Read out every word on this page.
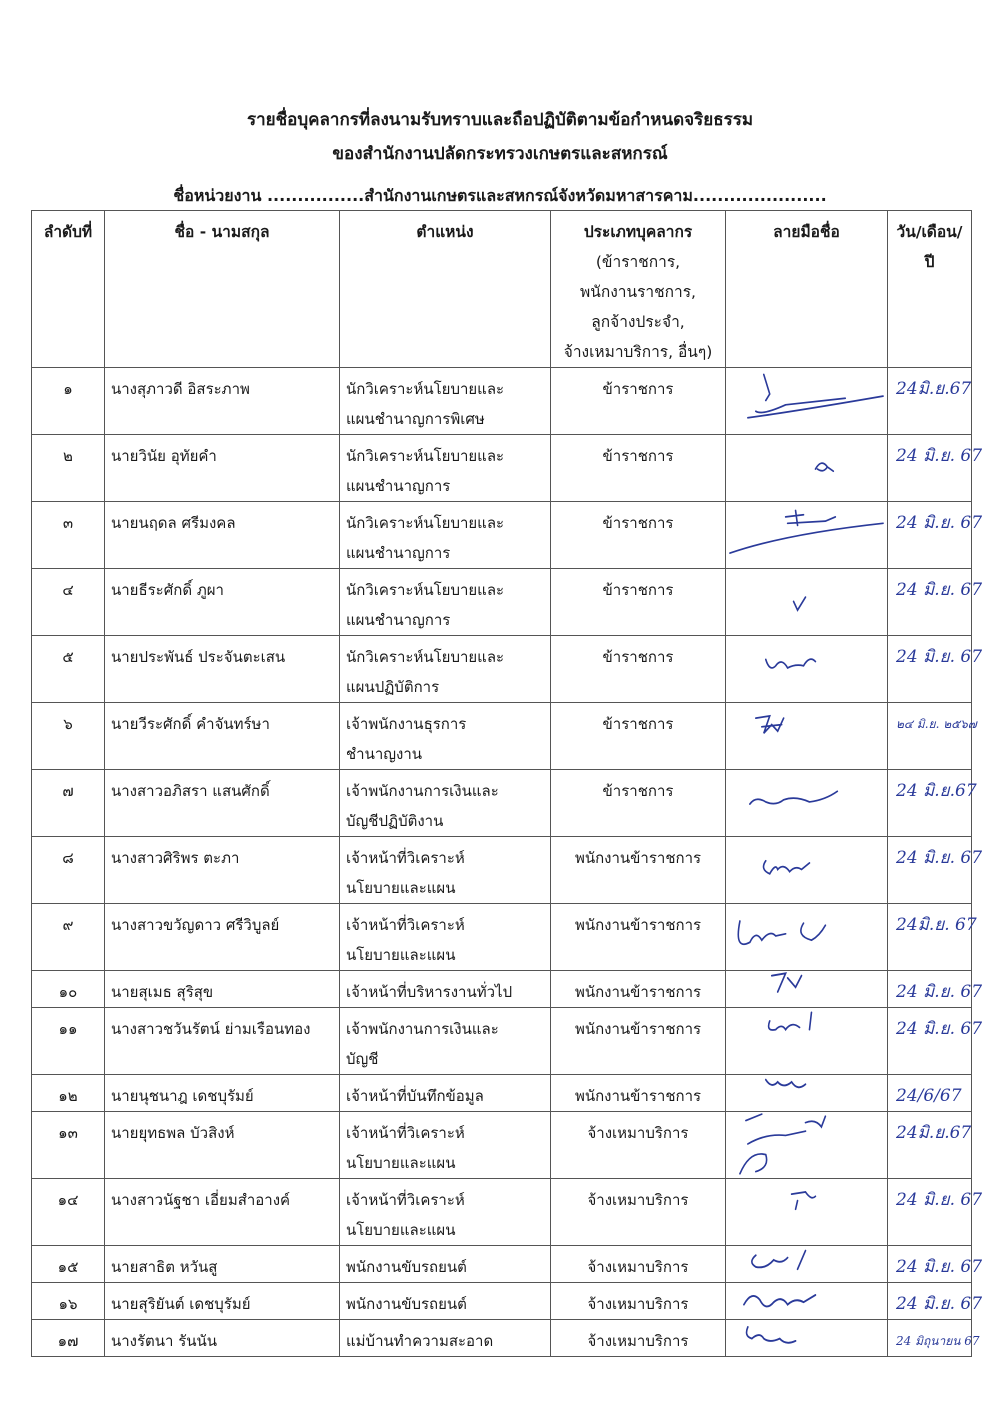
รายชื่อบุคลากรที่ลงนามรับทราบและถือปฏิบัติตามข้อกำหนดจริยธรรม
ของสำนักงานปลัดกระทรวงเกษตรและสหกรณ์
ชื่อหน่วยงาน ................สำนักงานเกษตรและสหกรณ์จังหวัดมหาสารคาม......................
ลำดับที่	ชื่อ - นามสกุล	ตำแหน่ง	ประเภทบุคลากร
(ข้าราชการ,
พนักงานราชการ,
ลูกจ้างประจำ,
จ้างเหมาบริการ, อื่นๆ)	ลายมือชื่อ	วัน/เดือน/ปี
๑	นางสุภาวดี อิสระภาพ	นักวิเคราะห์นโยบายและ
แผนชำนาญการพิเศษ	ข้าราชการ		24มิ.ย.67

๒	นายวินัย อุทัยคำ	นักวิเคราะห์นโยบายและ
แผนชำนาญการ	ข้าราชการ		24 มิ.ย. 67

๓	นายนฤดล ศรีมงคล	นักวิเคราะห์นโยบายและ
แผนชำนาญการ	ข้าราชการ		24 มิ.ย. 67

๔	นายธีระศักดิ์ ภูผา	นักวิเคราะห์นโยบายและ
แผนชำนาญการ	ข้าราชการ		24 มิ.ย. 67

๕	นายประพันธ์ ประจันตะเสน	นักวิเคราะห์นโยบายและ
แผนปฏิบัติการ	ข้าราชการ		24 มิ.ย. 67

๖	นายวีระศักดิ์ คำจันทร์ษา	เจ้าพนักงานธุรการ
ชำนาญงาน	ข้าราชการ		๒๔ มิ.ย. ๒๕๖๗

๗	นางสาวอภิสรา แสนศักดิ์	เจ้าพนักงานการเงินและ
บัญชีปฏิบัติงาน	ข้าราชการ		24 มิ.ย.67

๘	นางสาวศิริพร ตะภา	เจ้าหน้าที่วิเคราะห์
นโยบายและแผน	พนักงานข้าราชการ		24 มิ.ย. 67

๙	นางสาวขวัญดาว ศรีวิบูลย์	เจ้าหน้าที่วิเคราะห์
นโยบายและแผน	พนักงานข้าราชการ		24มิ.ย. 67

๑๐	นายสุเมธ สุริสุข	เจ้าหน้าที่บริหารงานทั่วไป	พนักงานข้าราชการ		24 มิ.ย. 67

๑๑	นางสาวชวันรัตน์ ย่ามเรือนทอง	เจ้าพนักงานการเงินและ
บัญชี	พนักงานข้าราชการ		24 มิ.ย. 67

๑๒	นายนุชนาฎ เดชบุรัมย์	เจ้าหน้าที่บันทึกข้อมูล	พนักงานข้าราชการ		24/6/67

๑๓	นายยุทธพล บัวสิงห์	เจ้าหน้าที่วิเคราะห์
นโยบายและแผน	จ้างเหมาบริการ		24มิ.ย.67

๑๔	นางสาวนัฐชา เอี่ยมสำอางค์	เจ้าหน้าที่วิเคราะห์
นโยบายและแผน	จ้างเหมาบริการ		24 มิ.ย. 67

๑๕	นายสาธิต หวันสู	พนักงานขับรถยนต์	จ้างเหมาบริการ		24 มิ.ย. 67

๑๖	นายสุริยันต์ เดชบุรัมย์	พนักงานขับรถยนต์	จ้างเหมาบริการ		24 มิ.ย. 67

๑๗	นางรัตนา รันนัน	แม่บ้านทำความสะอาด	จ้างเหมาบริการ		24 มิถุนายน 67
